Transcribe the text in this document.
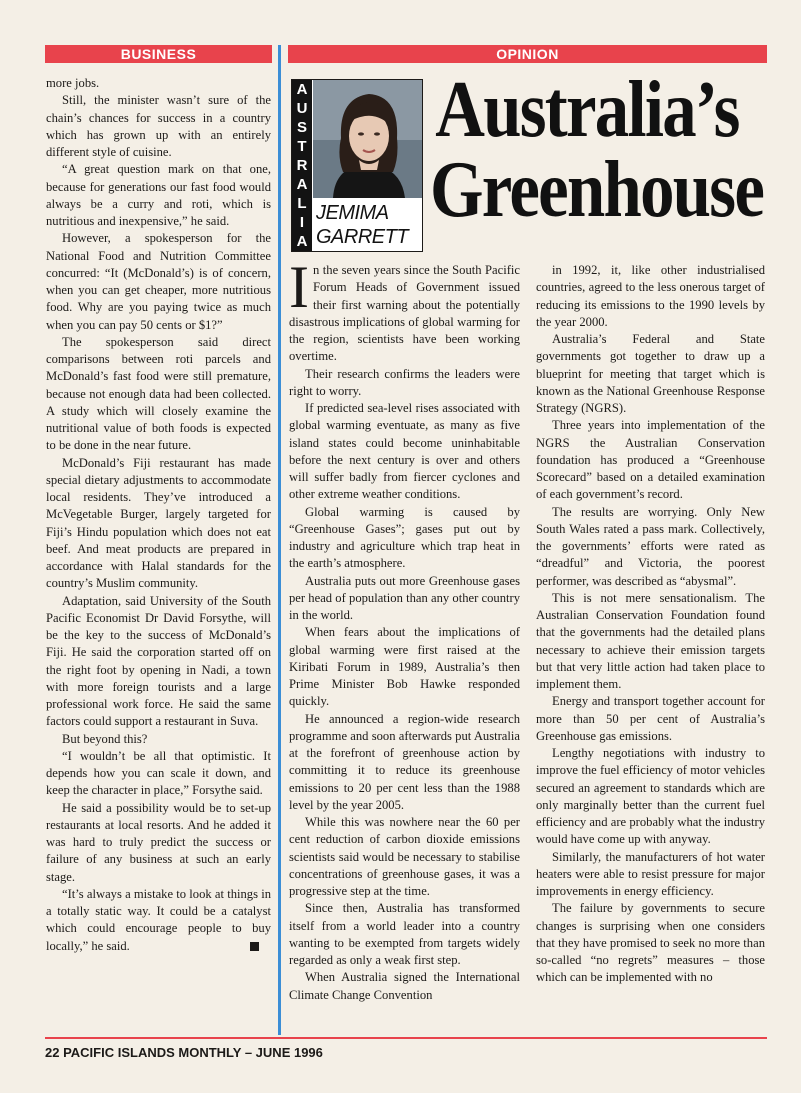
BUSINESS	OPINION

more jobs.

Still, the minister wasn’t sure of the chain’s chances for success in a country which has grown up with an entirely different style of cuisine.

“A great question mark on that one, because for generations our fast food would always be a curry and roti, which is nutritious and inexpensive,” he said.

However, a spokesperson for the National Food and Nutrition Committee concurred: “It (McDonald’s) is of concern, when you can get cheaper, more nutritious food. Why are you paying twice as much when you can pay 50 cents or $1?”

The spokesperson said direct comparisons between roti parcels and McDonald’s fast food were still premature, because not enough data had been collected. A study which will closely examine the nutritional value of both foods is expected to be done in the near future.

McDonald’s Fiji restaurant has made special dietary adjustments to accommodate local residents. They’ve introduced a McVegetable Burger, largely targeted for Fiji’s Hindu population which does not eat beef. And meat products are prepared in accordance with Halal standards for the country’s Muslim community.

Adaptation, said University of the South Pacific Economist Dr David Forsythe, will be the key to the success of McDonald’s Fiji. He said the corporation started off on the right foot by opening in Nadi, a town with more foreign tourists and a large professional work force. He said the same factors could support a restaurant in Suva.

But beyond this?

“I wouldn’t be all that optimistic. It depends how you can scale it down, and keep the character in place,” Forsythe said.

He said a possibility would be to set-up restaurants at local resorts. And he added it was hard to truly predict the success or failure of any business at such an early stage.

“It’s always a mistake to look at things in a totally static way. It could be a catalyst which could encourage people to buy locally,” he said.

A
U
S
T
R
A
L
I
A
JEMIMA
GARRETT
Australia’s
Greenhouse

In the seven years since the South Pacific Forum Heads of Government issued their first warning about the potentially disastrous implications of global warming for the region, scientists have been working overtime.

Their research confirms the leaders were right to worry.

If predicted sea-level rises associated with global warming eventuate, as many as five island states could become uninhabitable before the next century is over and others will suffer badly from fiercer cyclones and other extreme weather conditions.

Global warming is caused by “Greenhouse Gases”; gases put out by industry and agriculture which trap heat in the earth’s atmosphere.

Australia puts out more Greenhouse gases per head of population than any other country in the world.

When fears about the implications of global warming were first raised at the Kiribati Forum in 1989, Australia’s then Prime Minister Bob Hawke responded quickly.

He announced a region-wide research programme and soon afterwards put Australia at the forefront of greenhouse action by committing it to reduce its greenhouse emissions to 20 per cent less than the 1988 level by the year 2005.

While this was nowhere near the 60 per cent reduction of carbon dioxide emissions scientists said would be necessary to stabilise concentrations of greenhouse gases, it was a progressive step at the time.

Since then, Australia has transformed itself from a world leader into a country wanting to be exempted from targets widely regarded as only a weak first step.

When Australia signed the International Climate Change Convention

in 1992, it, like other industrialised countries, agreed to the less onerous target of reducing its emissions to the 1990 levels by the year 2000.

Australia’s Federal and State governments got together to draw up a blueprint for meeting that target which is known as the National Greenhouse Response Strategy (NGRS).

Three years into implementation of the NGRS the Australian Conservation foundation has produced a “Greenhouse Scorecard” based on a detailed examination of each government’s record.

The results are worrying. Only New South Wales rated a pass mark. Collectively, the governments’ efforts were rated as “dreadful” and Victoria, the poorest performer, was described as “abysmal”.

This is not mere sensationalism. The Australian Conservation Foundation found that the governments had the detailed plans necessary to achieve their emission targets but that very little action had taken place to implement them.

Energy and transport together account for more than 50 per cent of Australia’s Greenhouse gas emissions.

Lengthy negotiations with industry to improve the fuel efficiency of motor vehicles secured an agreement to standards which are only marginally better than the current fuel efficiency and are probably what the industry would have come up with anyway.

Similarly, the manufacturers of hot water heaters were able to resist pressure for major improvements in energy efficiency.

The failure by governments to secure changes is surprising when one considers that they have promised to seek no more than so-called “no regrets” measures – those which can be implemented with no

22 PACIFIC ISLANDS MONTHLY – JUNE 1996
